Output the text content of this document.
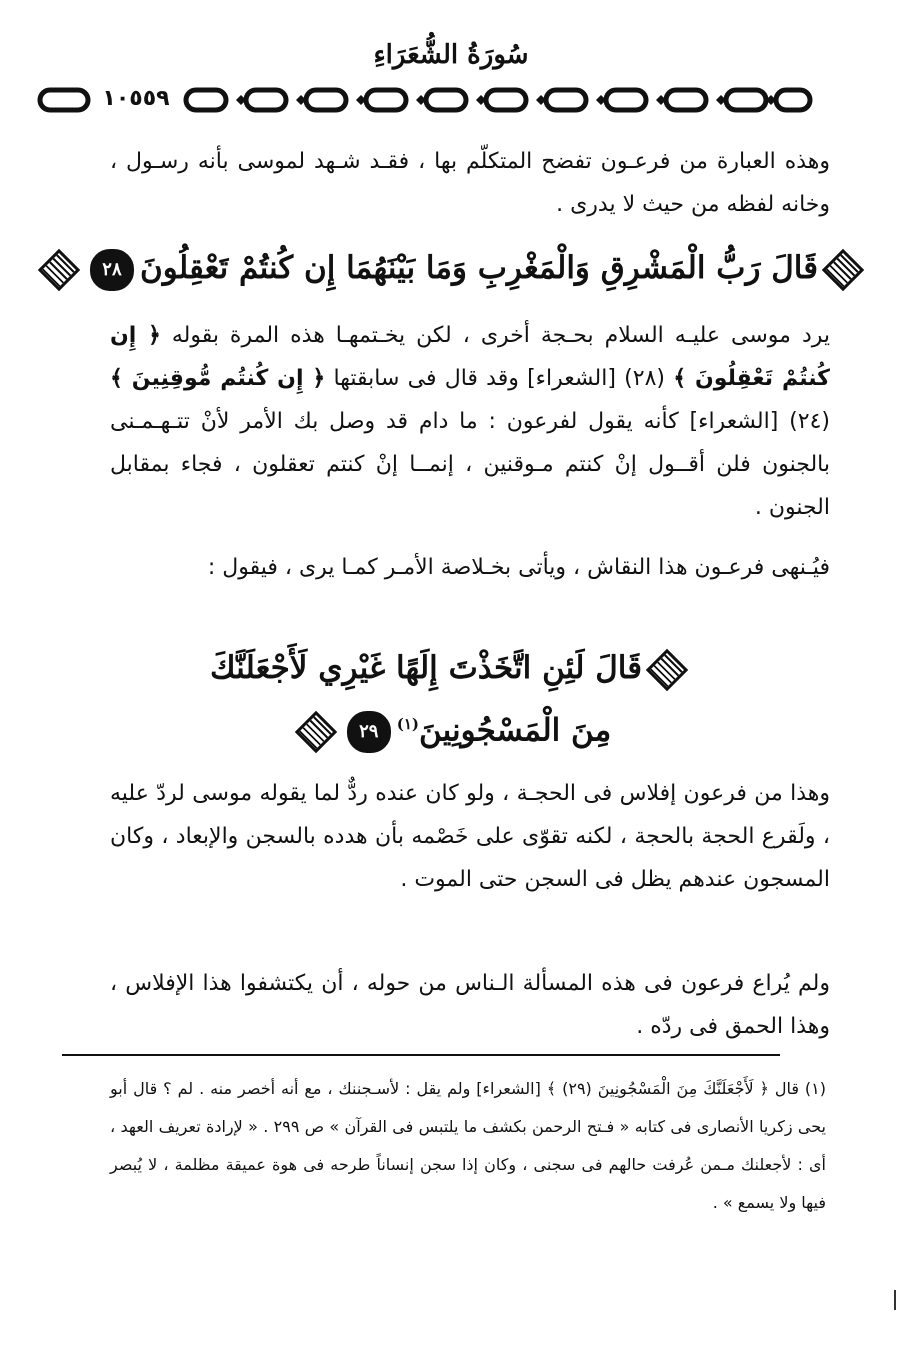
سُورَةُ الشُّعَرَاءِ
١٠٥٥٩
وهذه العبارة من فرعـون تفضح المتكلّم بها ، فقـد شـهد لموسى بأنه رسـول ، وخانه لفظه من حيث لا يدرى .
قَالَ رَبُّ الْمَشْرِقِ وَالْمَغْرِبِ وَمَا بَيْنَهُمَا إِن كُنتُمْ تَعْقِلُونَ٢٨
يرد موسى عليـه السلام بحـجة أخرى ، لكن يخـتمهـا هذه المرة بقوله ﴿ إِن كُنتُمْ تَعْقِلُونَ ﴾ (٢٨) [الشعراء] وقد قال فى سابقتها ﴿ إِن كُنتُم مُّوقِنِينَ ﴾ (٢٤) [الشعراء] كأنه يقول لفرعون : ما دام قد وصل بك الأمر لأنْ تتـهـمـنى بالجنون فلن أقــول إنْ كنتم مـوقنين ، إنمــا إنْ كنتم تعقلون ، فجاء بمقابل الجنون .
فيُـنهى فرعـون هذا النقاش ، ويأتى بخـلاصة الأمـر كمـا يرى ، فيقول :
قَالَ لَئِنِ اتَّخَذْتَ إِلَهًا غَيْرِي لَأَجْعَلَنَّكَ
مِنَ الْمَسْجُونِينَ$^{(١)}$٢٩
وهذا من فرعون إفلاس فى الحجـة ، ولو كان عنده ردٌّ لما يقوله موسى لردّ عليه ، ولَقرع الحجة بالحجة ، لكنه تقوّى على خَصْمه بأن هدده بالسجن والإبعاد ، وكان المسجون عندهم يظل فى السجن حتى الموت .
ولم يُراع فرعون فى هذه المسألة الـناس من حوله ، أن يكتشفوا هذا الإفلاس ، وهذا الحمق فى ردّه .
(١) قال ﴿ لَأَجْعَلَنَّكَ مِنَ الْمَسْجُونِينَ (٢٩) ﴾ [الشعراء] ولم يقل : لأسـجننك ، مع أنه أخصر منه . لم ؟ قال أبو يحى زكريا الأنصارى فى كتابه « فـتح الرحمن بكشف ما يلتبس فى القرآن » ص ٢٩٩ . « لإرادة تعريف العهد ، أى : لأجعلنك مـمن عُرفت حالهم فى سجنى ، وكان إذا سجن إنساناً طرحه فى هوة عميقة مظلمة ، لا يُبصر فيها ولا يسمع » .
